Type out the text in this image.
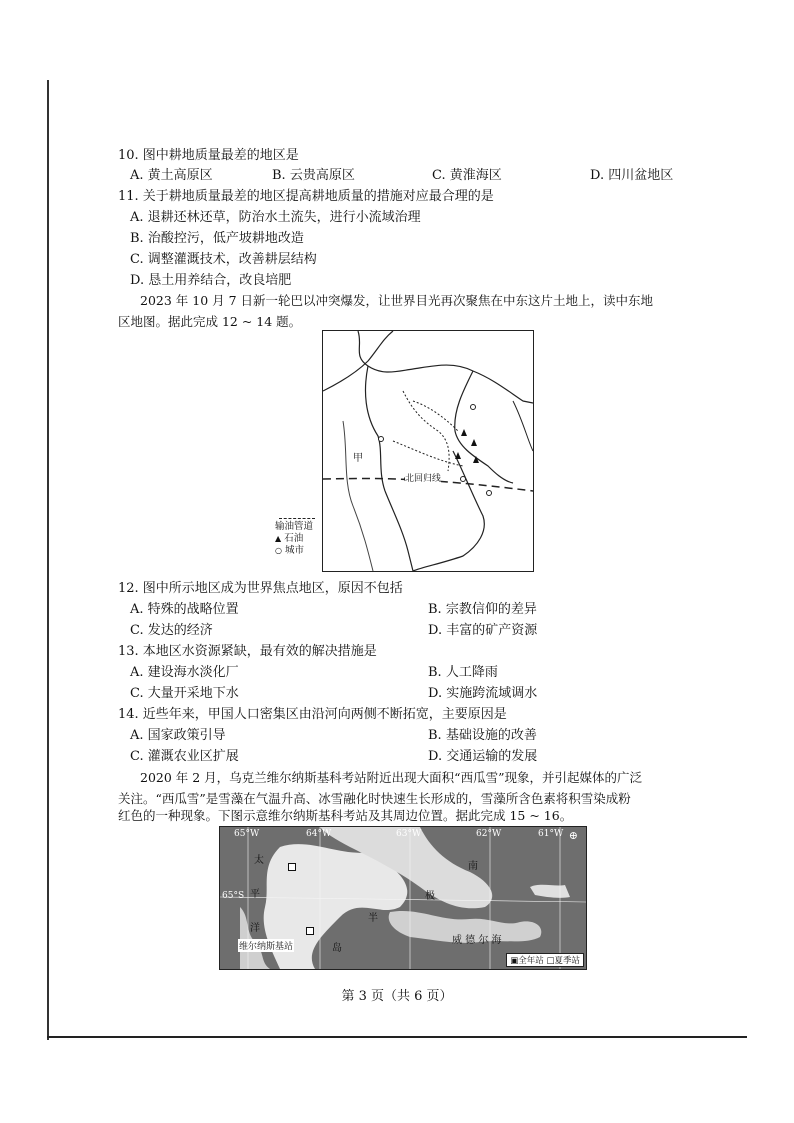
10. 图中耕地质量最差的地区是
A. 黄土高原区	B. 云贵高原区	C. 黄淮海区	D. 四川盆地区
11. 关于耕地质量最差的地区提高耕地质量的措施对应最合理的是
A. 退耕还林还草，防治水土流失，进行小流域治理
B. 治酸控污，低产坡耕地改造
C. 调整灌溉技术，改善耕层结构
D. 恳土用养结合，改良培肥
2023 年 10 月 7 日新一轮巴以冲突爆发，让世界目光再次聚焦在中东这片土地上，读中东地
区地图。据此完成 12 ~ 14 题。
甲
北回归线
输油管道
▲ 石油
○ 城市
12. 图中所示地区成为世界焦点地区，原因不包括
A. 特殊的战略位置	B. 宗教信仰的差异
C. 发达的经济	D. 丰富的矿产资源
13. 本地区水资源紧缺，最有效的解决措施是
A. 建设海水淡化厂	B. 人工降雨
C. 大量开采地下水	D. 实施跨流域调水
14. 近些年来，甲国人口密集区由沿河向两侧不断拓宽，主要原因是
A. 国家政策引导	B. 基础设施的改善
C. 灌溉农业区扩展	D. 交通运输的发展
2020 年 2 月，乌克兰维尔纳斯基科考站附近出现大面积“西瓜雪”现象，并引起媒体的广泛
关注。“西瓜雪”是雪藻在气温升高、冰雪融化时快速生长形成的，雪藻所含色素将积雪染成粉
红色的一种现象。下图示意维尔纳斯基科考站及其周边位置。据此完成 15 ~ 16。
65°W	64°W	63°W	62°W	61°W
65°S
太
平
洋
南
极
半
岛
威 德 尔 海
维尔纳斯基站
⊕
▣全年站 □夏季站
第 3 页（共 6 页）
